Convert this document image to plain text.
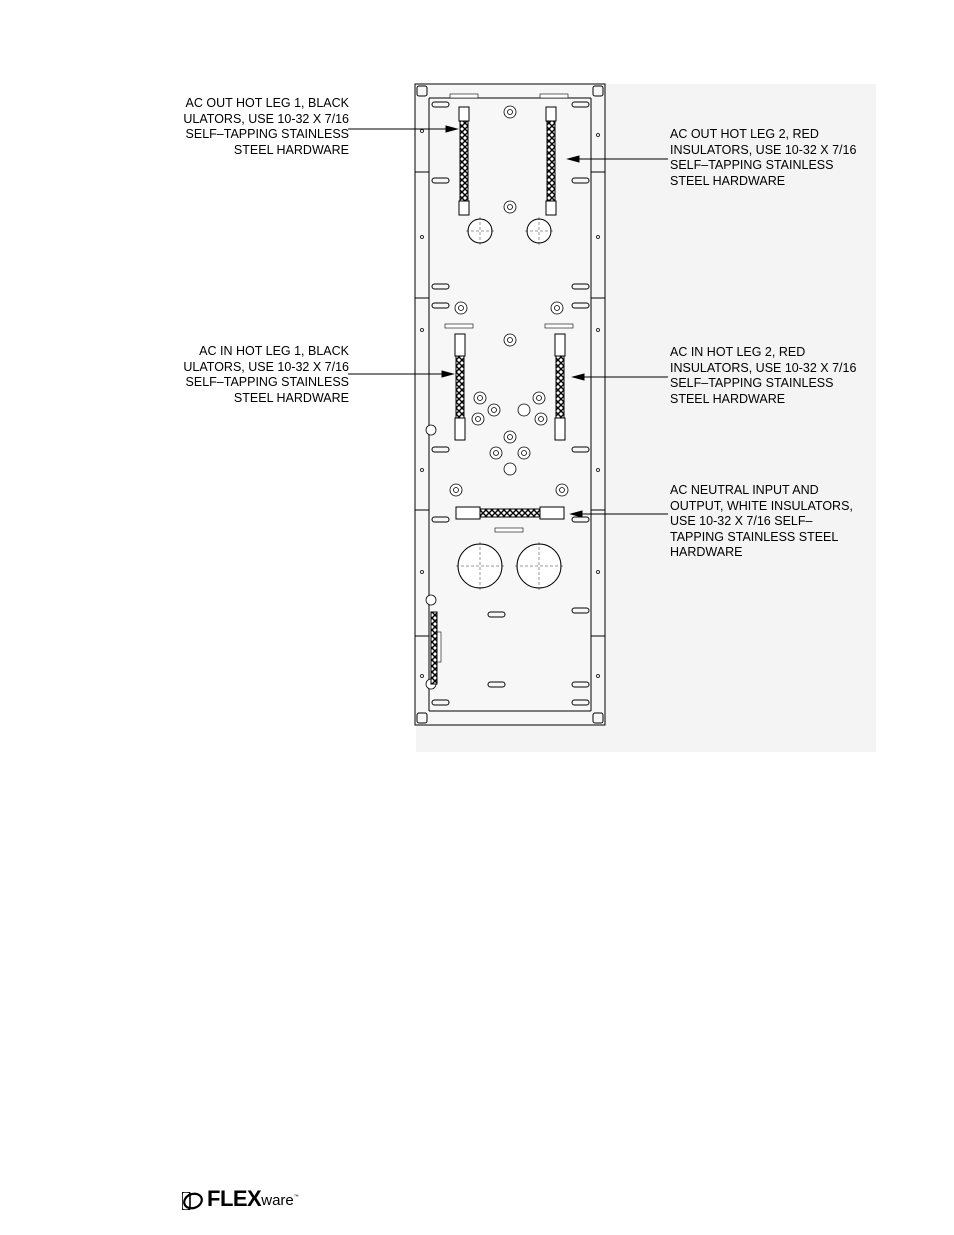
AC OUT HOT LEG 1, BLACK
ULATORS, USE 10-32 X 7/16
SELF–TAPPING STAINLESS
STEEL HARDWARE
AC OUT HOT LEG 2, RED
INSULATORS, USE 10-32 X 7/16
SELF–TAPPING STAINLESS
STEEL HARDWARE
AC IN HOT LEG 1, BLACK
ULATORS, USE 10-32 X 7/16
SELF–TAPPING STAINLESS
STEEL HARDWARE
AC IN HOT LEG 2, RED
INSULATORS, USE 10-32 X 7/16
SELF–TAPPING STAINLESS
STEEL HARDWARE
AC NEUTRAL INPUT AND
OUTPUT, WHITE INSULATORS,
USE 10-32 X 7/16 SELF–
TAPPING STAINLESS STEEL
HARDWARE
FLEX ware ™
